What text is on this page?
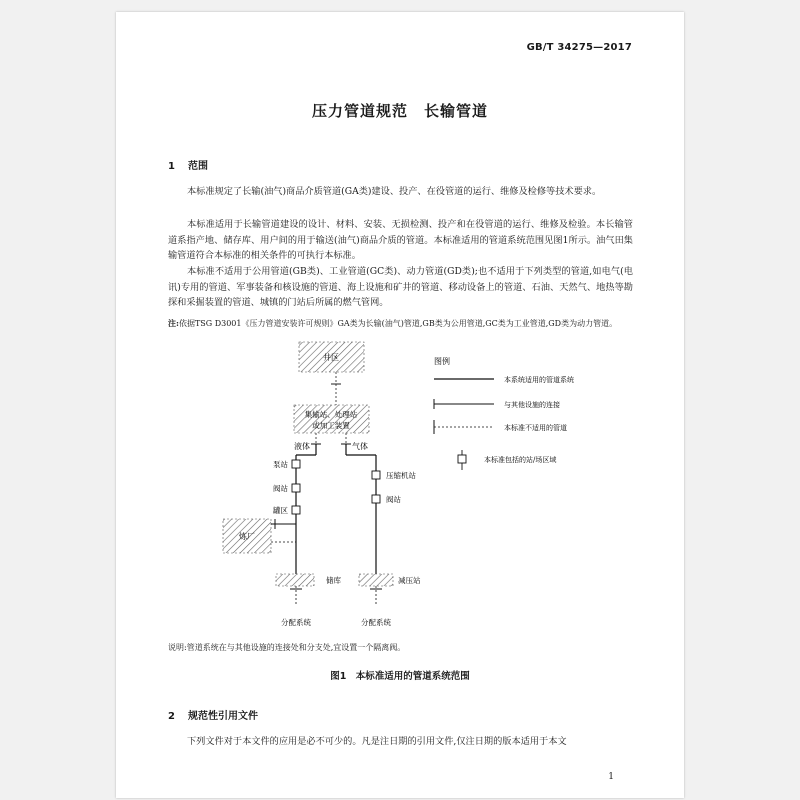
GB/T 34275—2017
压力管道规范　长输管道
1 范围
本标准规定了长输(油气)商品介质管道(GA类)建设、投产、在役管道的运行、维修及检修等技术要求。
本标准适用于长输管道建设的设计、材料、安装、无损检测、投产和在役管道的运行、维修及检验。本长输管道系指产地、储存库、用户间的用于输送(油气)商品介质的管道。本标准适用的管道系统范围见图1所示。油气田集输管道符合本标准的相关条件的可执行本标准。
本标准不适用于公用管道(GB类)、工业管道(GC类)、动力管道(GD类);也不适用于下列类型的管道,如电气(电讯)专用的管道、军事装备和核设施的管道、海上设施和矿井的管道、移动设备上的管道、石油、天然气、地热等勘探和采掘装置的管道、城镇的门站后所属的燃气管网。
注:依据TSG D3001《压力管道安装许可规则》GA类为长输(油气)管道,GB类为公用管道,GC类为工业管道,GD类为动力管道。
井区
集输站、处理站
或加工装置
液体
泵站
阀站
罐区
炼厂
储库
分配系统
气体
压缩机站
阀站
减压站
分配系统
图例
本系统适用的管道系统
与其他设施的连接
本标准不适用的管道
本标准包括的站/场区域
说明:管道系统在与其他设施的连接处和分支处,宜设置一个隔离阀。
图1　本标准适用的管道系统范围
2 规范性引用文件
下列文件对于本文件的应用是必不可少的。凡是注日期的引用文件,仅注日期的版本适用于本文
1
